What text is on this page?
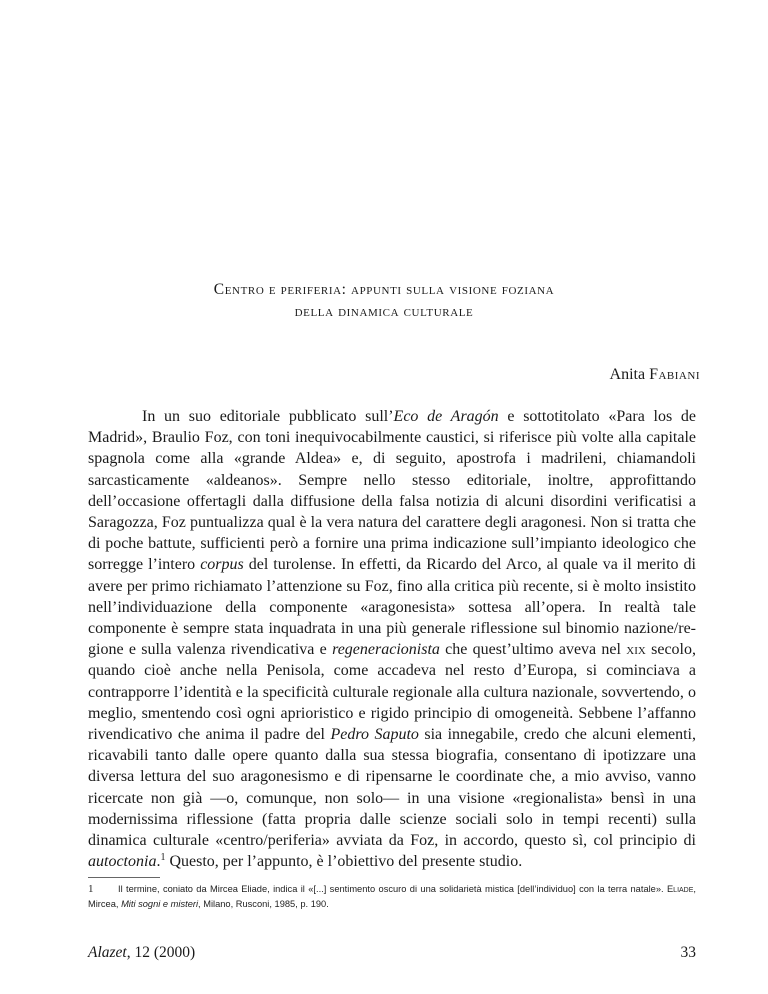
Centro e periferia: appunti sulla visione foziana
della dinamica culturale
Anita Fabiani
In un suo editoriale pubblicato sull’Eco de Aragón e sottotitolato «Para los de Madrid», Braulio Foz, con toni inequivocabilmente caustici, si riferisce più volte alla capitale spagnola come alla «grande Aldea» e, di seguito, apostrofa i madrileni, chiamandoli sarcasticamente «aldeanos». Sempre nello stesso editoriale, inoltre, approfittando dell’occasione offertagli dalla diffusione della falsa notizia di alcuni disordini verificatisi a Saragozza, Foz puntualizza qual è la vera natura del carattere degli aragonesi. Non si tratta che di poche battute, sufficienti però a fornire una prima indicazione sull’impianto ideologico che sorregge l’intero corpus del turolense. In effetti, da Ricardo del Arco, al quale va il merito di avere per primo richiamato l’attenzione su Foz, fino alla critica più recente, si è molto insistito nell’individuazione della componente «aragonesista» sottesa all’opera. In realtà tale componente è sempre stata inquadrata in una più generale riflessione sul binomio nazione/regione e sulla valenza rivendicativa e regeneracionista che quest’ultimo aveva nel xix secolo, quando cioè anche nella Penisola, come accadeva nel resto d’Europa, si cominciava a contrapporre l’identità e la specificità culturale regionale alla cultura nazionale, sovvertendo, o meglio, smentendo così ogni aprioristico e rigido principio di omogeneità. Sebbene l’affanno rivendicativo che anima il padre del Pedro Saputo sia innegabile, credo che alcuni elementi, ricavabili tanto dalle opere quanto dalla sua stessa biografia, consentano di ipotizzare una diversa lettura del suo aragonesismo e di ripensarne le coordinate che, a mio avviso, vanno ricercate non già —o, comunque, non solo— in una visione «regionalista» bensì in una modernissima riflessione (fatta propria dalle scienze sociali solo in tempi recenti) sulla dinamica culturale «centro/periferia» avviata da Foz, in accordo, questo sì, col principio di autoctonia.$^1$ Questo, per l’appunto, è l’obiettivo del presente studio.
1	Il termine, coniato da Mircea Eliade, indica il «[...] sentimento oscuro di una solidarietà mistica [dell’individuo] con la terra natale». Eliade, Mircea, Miti sogni e misteri, Milano, Rusconi, 1985, p. 190.
Alazet, 12 (2000)	33
